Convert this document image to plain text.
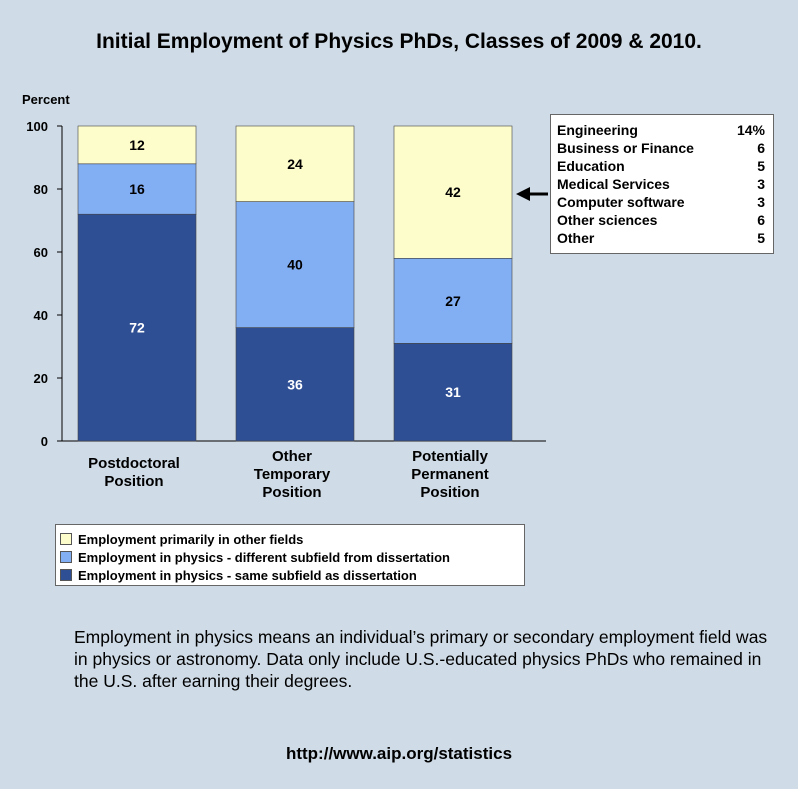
Initial Employment of Physics PhDs, Classes of 2009 & 2010.
Percent
0
20
40
60
80
100
72
16
12
Postdoctoral
Position
36
40
24
Other
Temporary
Position
31
27
42
Potentially
Permanent
Position
Engineering	14%
Business or Finance	6
Education	5
Medical Services	3
Computer software	3
Other sciences	6
Other	5
Employment primarily in other fields
Employment in physics - different subfield from dissertation
Employment in physics - same subfield as dissertation
Employment in physics means an individual’s primary or secondary employment field was in physics or astronomy. Data only include U.S.-educated physics PhDs who remained in the U.S. after earning their degrees.
http://www.aip.org/statistics
